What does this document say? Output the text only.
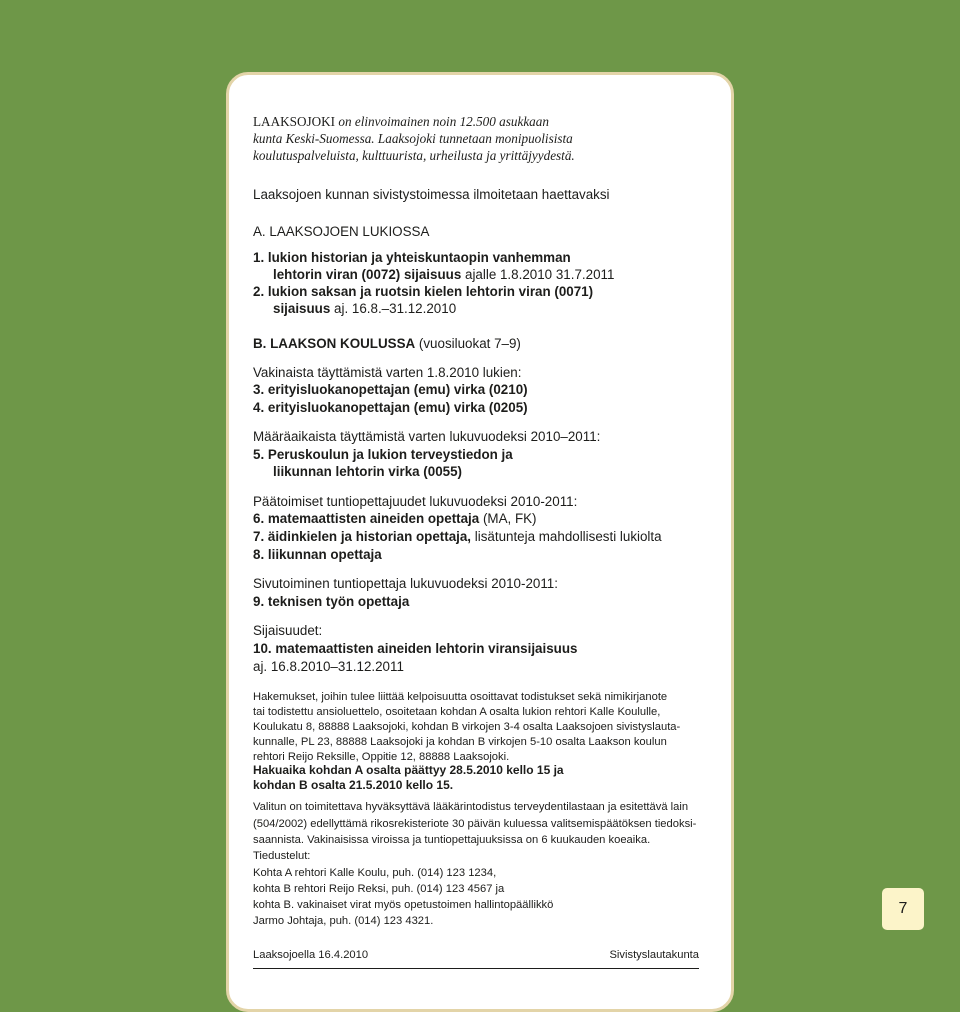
LAAKSOJOKI on elinvoimainen noin 12.500 asukkaan
kunta Keski-Suomessa. Laaksojoki tunnetaan monipuolisista
koulutuspalveluista, kulttuurista, urheilusta ja yrittäjyydestä.
Laaksojoen kunnan sivistystoimessa ilmoitetaan haettavaksi
A. LAAKSOJOEN LUKIOSSA
1. lukion historian ja yhteiskuntaopin vanhemman
lehtorin viran (0072) sijaisuus ajalle 1.8.2010 31.7.2011
2. lukion saksan ja ruotsin kielen lehtorin viran (0071)
sijaisuus aj. 16.8.–31.12.2010
B. LAAKSON KOULUSSA (vuosiluokat 7–9)
Vakinaista täyttämistä varten 1.8.2010 lukien:
3. erityisluokanopettajan (emu) virka (0210)
4. erityisluokanopettajan (emu) virka (0205)
Määräaikaista täyttämistä varten lukuvuodeksi 2010–2011:
5. Peruskoulun ja lukion terveystiedon ja
liikunnan lehtorin virka (0055)
Päätoimiset tuntiopettajuudet lukuvuodeksi 2010-2011:
6. matemaattisten aineiden opettaja (MA, FK)
7. äidinkielen ja historian opettaja, lisätunteja mahdollisesti lukiolta
8. liikunnan opettaja
Sivutoiminen tuntiopettaja lukuvuodeksi 2010-2011:
9. teknisen työn opettaja
Sijaisuudet:
10. matemaattisten aineiden lehtorin viransijaisuus
aj. 16.8.2010–31.12.2011
Hakemukset, joihin tulee liittää kelpoisuutta osoittavat todistukset sekä nimikirjanote
tai todistettu ansioluettelo, osoitetaan kohdan A osalta lukion rehtori Kalle Koululle,
Koulukatu 8, 88888 Laaksojoki, kohdan B virkojen 3-4 osalta Laaksojoen sivistyslauta-
kunnalle, PL 23, 88888 Laaksojoki ja kohdan B virkojen 5-10 osalta Laakson koulun
rehtori Reijo Reksille, Oppitie 12, 88888 Laaksojoki.
Hakuaika kohdan A osalta päättyy 28.5.2010 kello 15 ja
kohdan B osalta 21.5.2010 kello 15.
Valitun on toimitettava hyväksyttävä lääkärintodistus terveydentilastaan ja esitettävä lain
(504/2002) edellyttämä rikosrekisteriote 30 päivän kuluessa valitsemispäätöksen tiedoksi-
saannista. Vakinaisissa viroissa ja tuntiopettajuuksissa on 6 kuukauden koeaika.
Tiedustelut:
Kohta A rehtori Kalle Koulu, puh. (014) 123 1234,
kohta B rehtori Reijo Reksi, puh. (014) 123 4567 ja
kohta B. vakinaiset virat myös opetustoimen hallintopäällikkö
Jarmo Johtaja, puh. (014) 123 4321.
Laaksojoella 16.4.2010	Sivistyslautakunta
7
